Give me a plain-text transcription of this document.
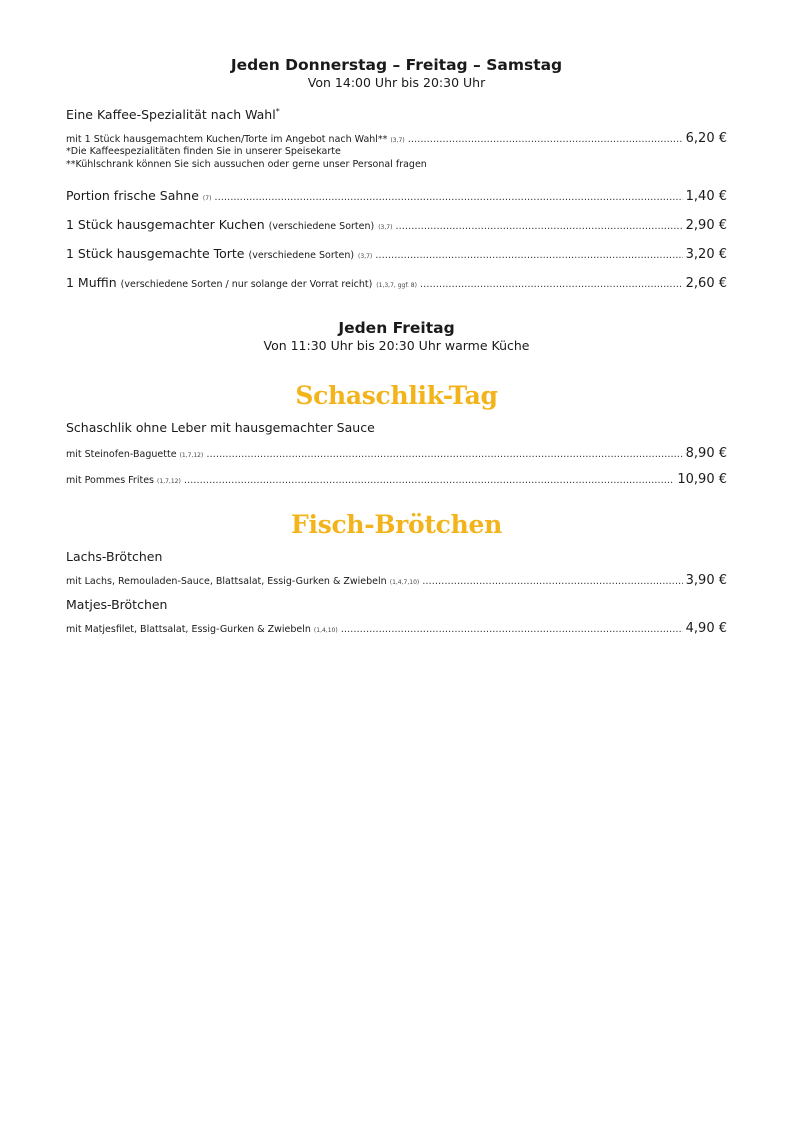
Jeden Donnerstag – Freitag – Samstag
Von 14:00 Uhr bis 20:30 Uhr
Eine Kaffee-Spezialität nach Wahl*
mit 1 Stück hausgemachtem Kuchen/Torte im Angebot nach Wahl** (3,7) . . .	6,20 €
*Die Kaffeespezialitäten finden Sie in unserer Speisekarte
**Kühlschrank können Sie sich aussuchen oder gerne unser Personal fragen
Portion frische Sahne (7) . . .	1,40 €
1 Stück hausgemachter Kuchen (verschiedene Sorten) (3,7) . . .	2,90 €
1 Stück hausgemachte Torte (verschiedene Sorten) (3,7) . . .	3,20 €
1 Muffin (verschiedene Sorten / nur solange der Vorrat reicht) (1,3,7, ggf. 8) . . .	2,60 €
Jeden Freitag
Von 11:30 Uhr bis 20:30 Uhr warme Küche
Schaschlik-Tag
Schaschlik ohne Leber mit hausgemachter Sauce
mit Steinofen-Baguette (1,7,12) . . .	8,90 €
mit Pommes Frites (1,7,12) . . .	10,90 €
Fisch-Brötchen
Lachs-Brötchen
mit Lachs, Remouladen-Sauce, Blattsalat, Essig-Gurken & Zwiebeln (1,4,7,10) . . .	3,90 €
Matjes-Brötchen
mit Matjesfilet, Blattsalat, Essig-Gurken & Zwiebeln (1,4,10) . . .	4,90 €
